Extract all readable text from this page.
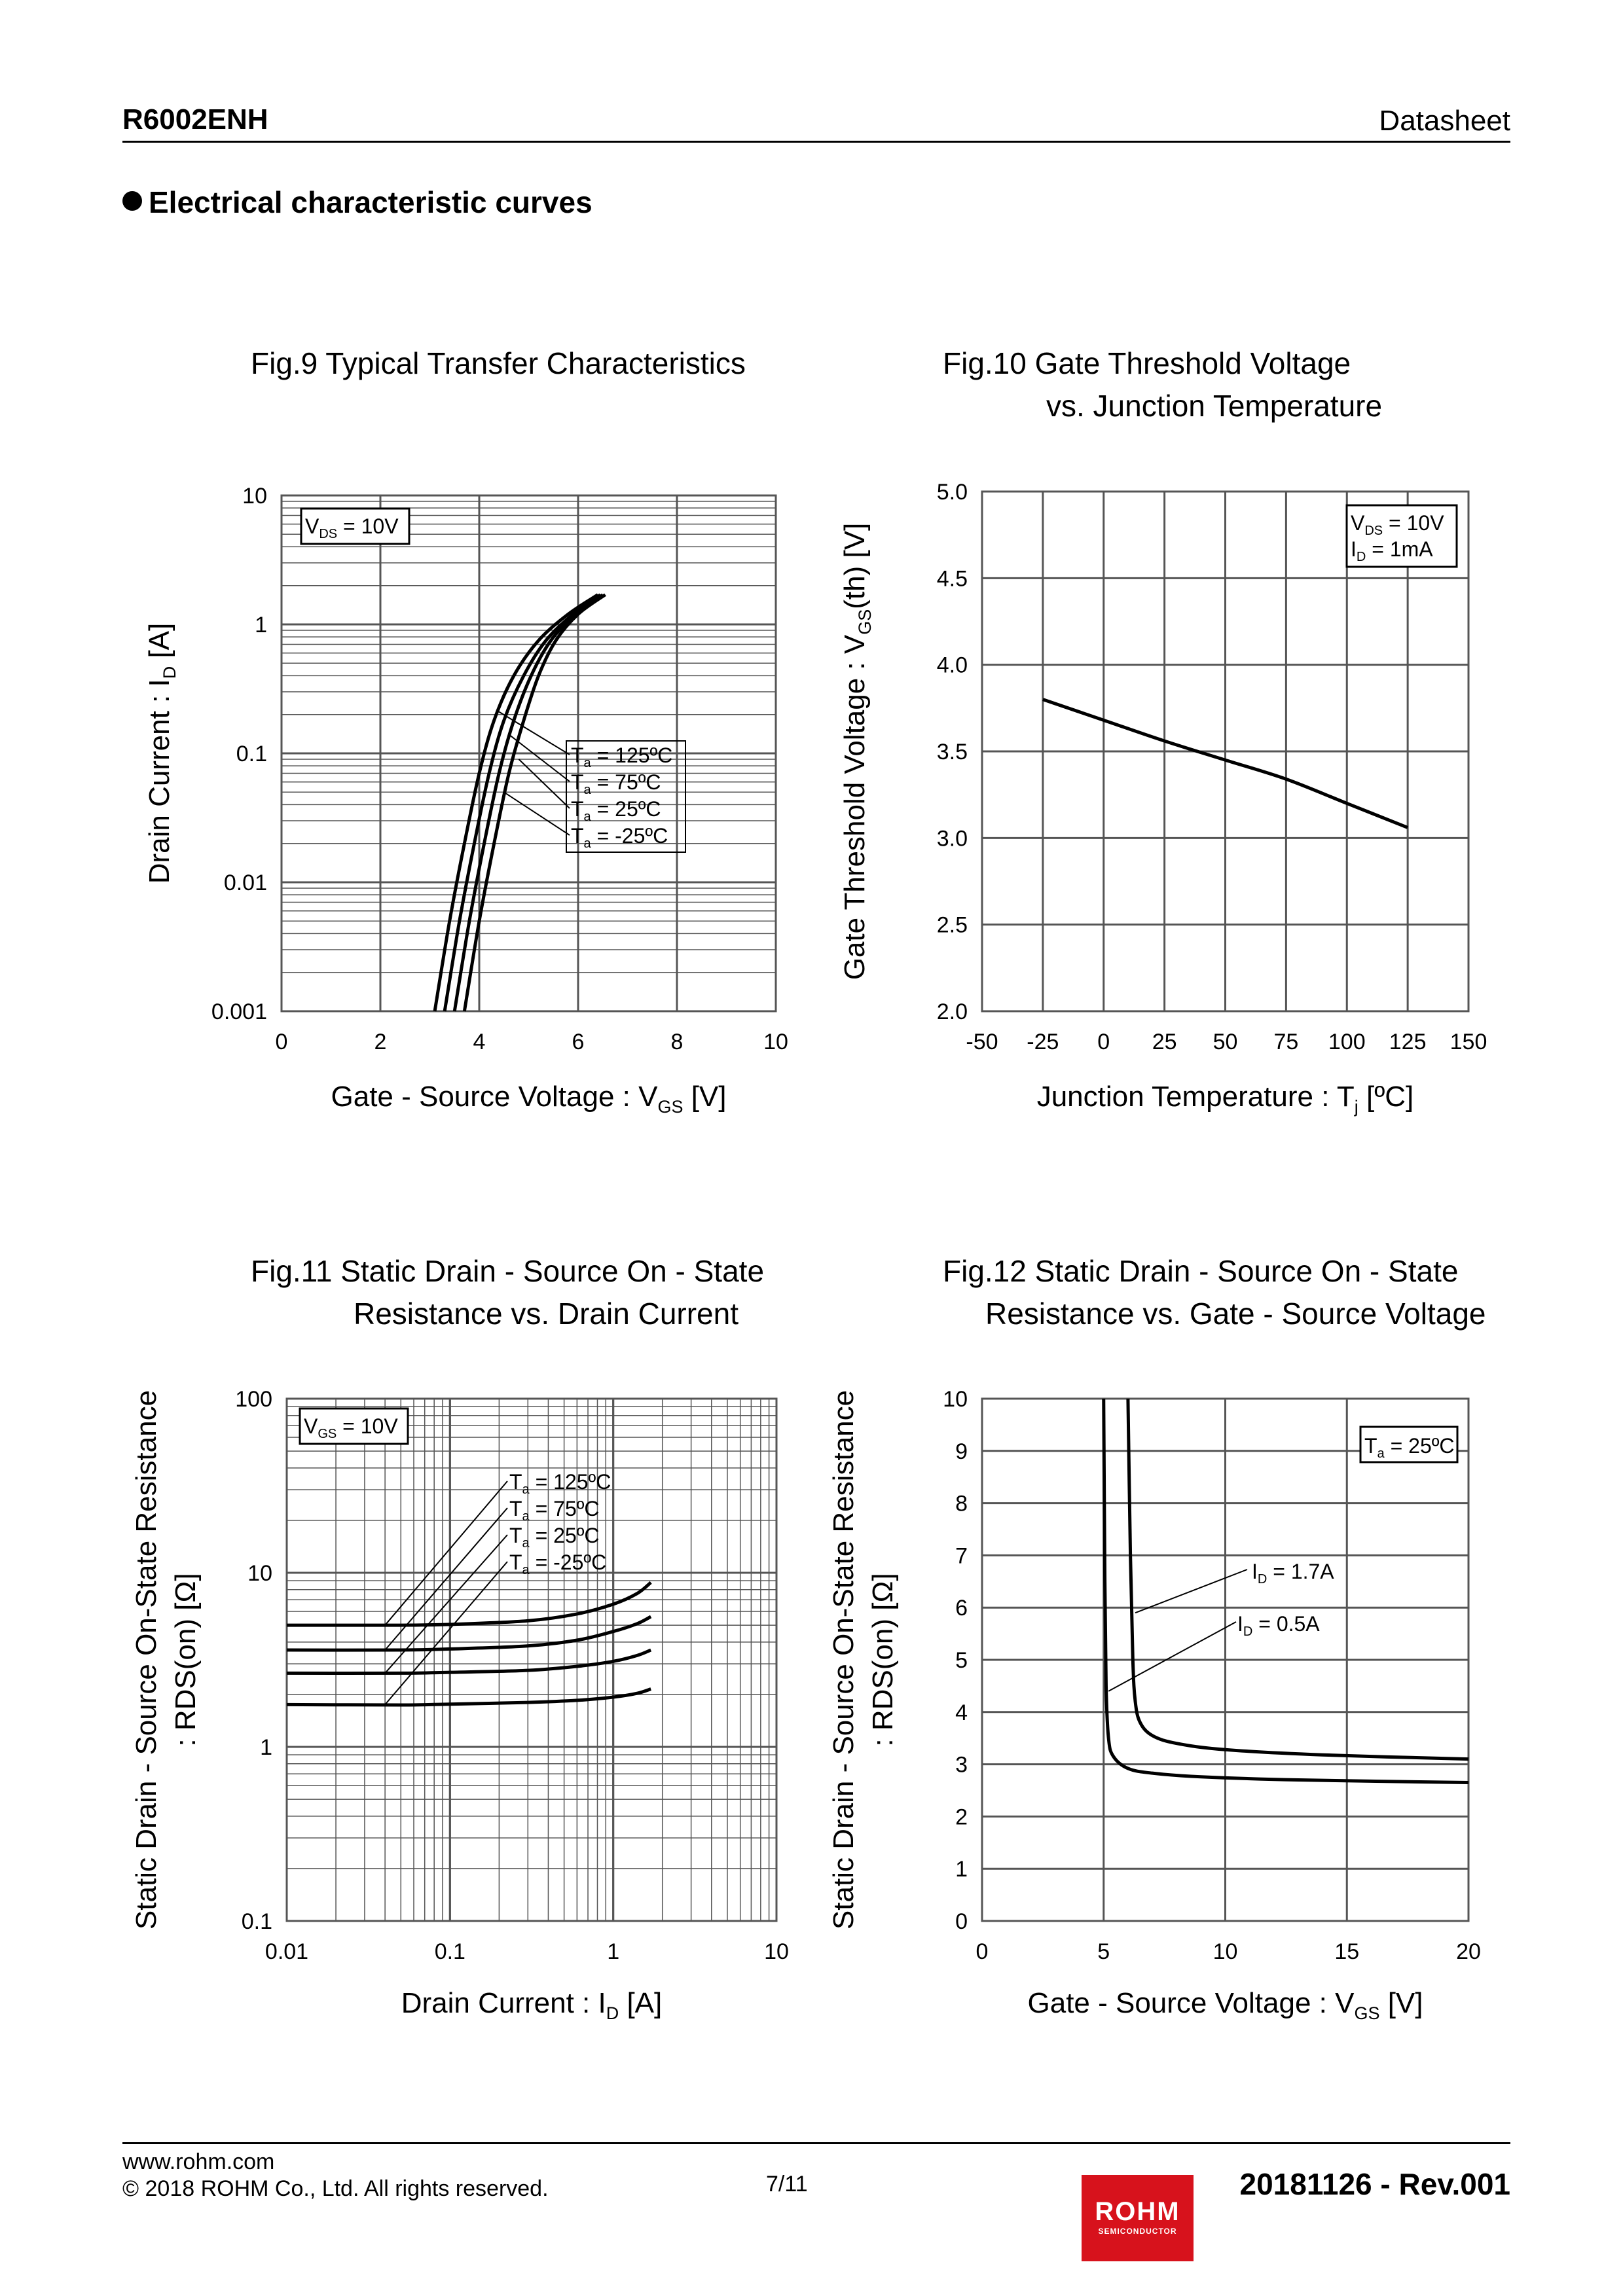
R6002ENH	Datasheet
Electrical characteristic curves
Fig.9 Typical Transfer Characteristics	Fig.10 Gate Threshold Voltage
vs. Junction Temperature
Fig.11 Static Drain - Source On - State
Resistance vs. Drain Current
Fig.12 Static Drain - Source On - State
Resistance vs. Gate - Source Voltage
0	2	4	6	8	10
0.001
0.01
0.1
1
10
$V_{DS} = 10V$
$T_a$ = 125ºC
$T_a$ = 75ºC
$T_a$ = 25ºC
$T_a$ = -25ºC
Gate - Source Voltage : $V_{GS}$ [V]
Drain Current : $I_D$ [A]
-50 -25 0 25 50 75 100 125 150
2.0
2.5
3.0
3.5
4.0
4.5
5.0
$V_{DS} = 10V$
$I_D = 1mA$
Junction Temperature : $T_j$ [ºC]
Gate Threshold Voltage : $V_{GS}(th)$ [V]
0.01	0.1	1	10
0.1
1
10
100
$V_{GS} = 10V$
$T_a$ = 125ºC
$T_a$ = 75ºC
$T_a$ = 25ºC
$T_a$ = -25ºC
Drain Current : $I_D$ [A]
Static Drain - Source On-State Resistance : RDS(on) [Ω]
0	5	10	15	20
0
1
2
3
4
5
6
7
8
9
10
$T_a$ = 25ºC
$I_D = 1.7A$
$I_D = 0.5A$
Gate - Source Voltage : $V_{GS}$ [V]
Static Drain - Source On-State Resistance : RDS(on) [Ω]
www.rohm.com
© 2018 ROHM Co., Ltd. All rights reserved.	7/11
ROHM
SEMICONDUCTOR
20181126 - Rev.001
